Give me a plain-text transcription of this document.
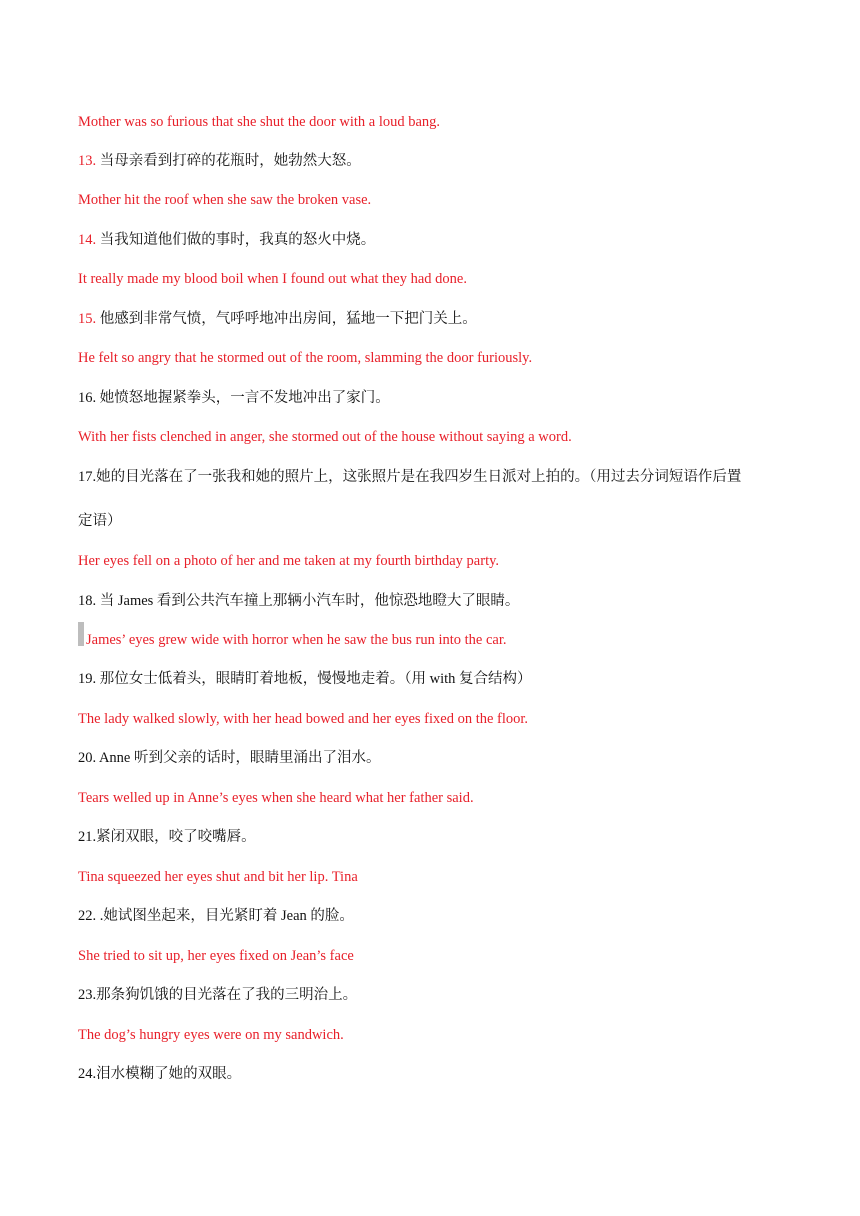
Mother was so furious that she shut the door with a loud bang.
13. 当母亲看到打碎的花瓶时，她勃然大怒。
Mother hit the roof when she saw the broken vase.
14. 当我知道他们做的事时，我真的怒火中烧。
It really made my blood boil when I found out what they had done.
15. 他感到非常气愤，气呼呼地冲出房间，猛地一下把门关上。
He felt so angry that he stormed out of the room, slamming the door furiously.
16. 她愤怒地握紧拳头，一言不发地冲出了家门。
With her fists clenched in anger, she stormed out of the house without saying a word.
17.她的目光落在了一张我和她的照片上，这张照片是在我四岁生日派对上拍的。（用过去分词短语作后置
定语）
Her eyes fell on a photo of her and me taken at my fourth birthday party.
18. 当 James 看到公共汽车撞上那辆小汽车时，他惊恐地瞪大了眼睛。
James’ eyes grew wide with horror when he saw the bus run into the car.
19. 那位女士低着头，眼睛盯着地板，慢慢地走着。（用 with 复合结构）
The lady walked slowly, with her head bowed and her eyes fixed on the floor.
20. Anne 听到父亲的话时，眼睛里涌出了泪水。
Tears welled up in Anne’s eyes when she heard what her father said.
21.紧闭双眼，咬了咬嘴唇。
Tina squeezed her eyes shut and bit her lip. Tina
22. .她试图坐起来，目光紧盯着 Jean 的脸。
She tried to sit up, her eyes fixed on Jean’s face
23.那条狗饥饿的目光落在了我的三明治上。
The dog’s hungry eyes were on my sandwich.
24.泪水模糊了她的双眼。
